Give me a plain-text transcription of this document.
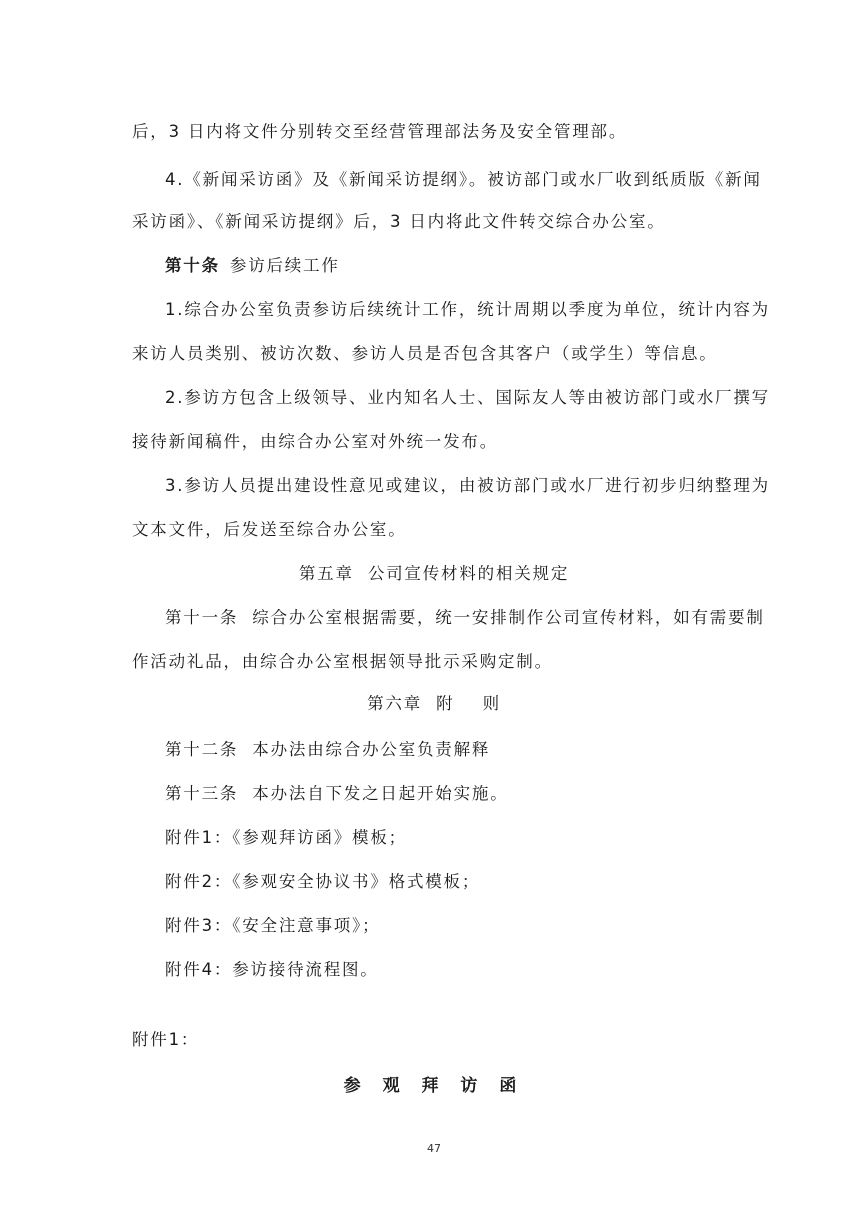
后，3 日内将文件分别转交至经营管理部法务及安全管理部。
4.《新闻采访函》及《新闻采访提纲》。被访部门或水厂收到纸质版《新闻
采访函》、《新闻采访提纲》后，3 日内将此文件转交综合办公室。
第十条 参访后续工作
1.综合办公室负责参访后续统计工作，统计周期以季度为单位，统计内容为
来访人员类别、被访次数、参访人员是否包含其客户（或学生）等信息。
2.参访方包含上级领导、业内知名人士、国际友人等由被访部门或水厂撰写
接待新闻稿件，由综合办公室对外统一发布。
3.参访人员提出建设性意见或建议，由被访部门或水厂进行初步归纳整理为
文本文件，后发送至综合办公室。
第五章  公司宣传材料的相关规定
第十一条  综合办公室根据需要，统一安排制作公司宣传材料，如有需要制
作活动礼品，由综合办公室根据领导批示采购定制。
第六章  附    则
第十二条  本办法由综合办公室负责解释
第十三条  本办法自下发之日起开始实施。
附件1：《参观拜访函》模板；
附件2：《参观安全协议书》格式模板；
附件3：《安全注意事项》；
附件4：参访接待流程图。
附件1：
参 观 拜 访 函
47
